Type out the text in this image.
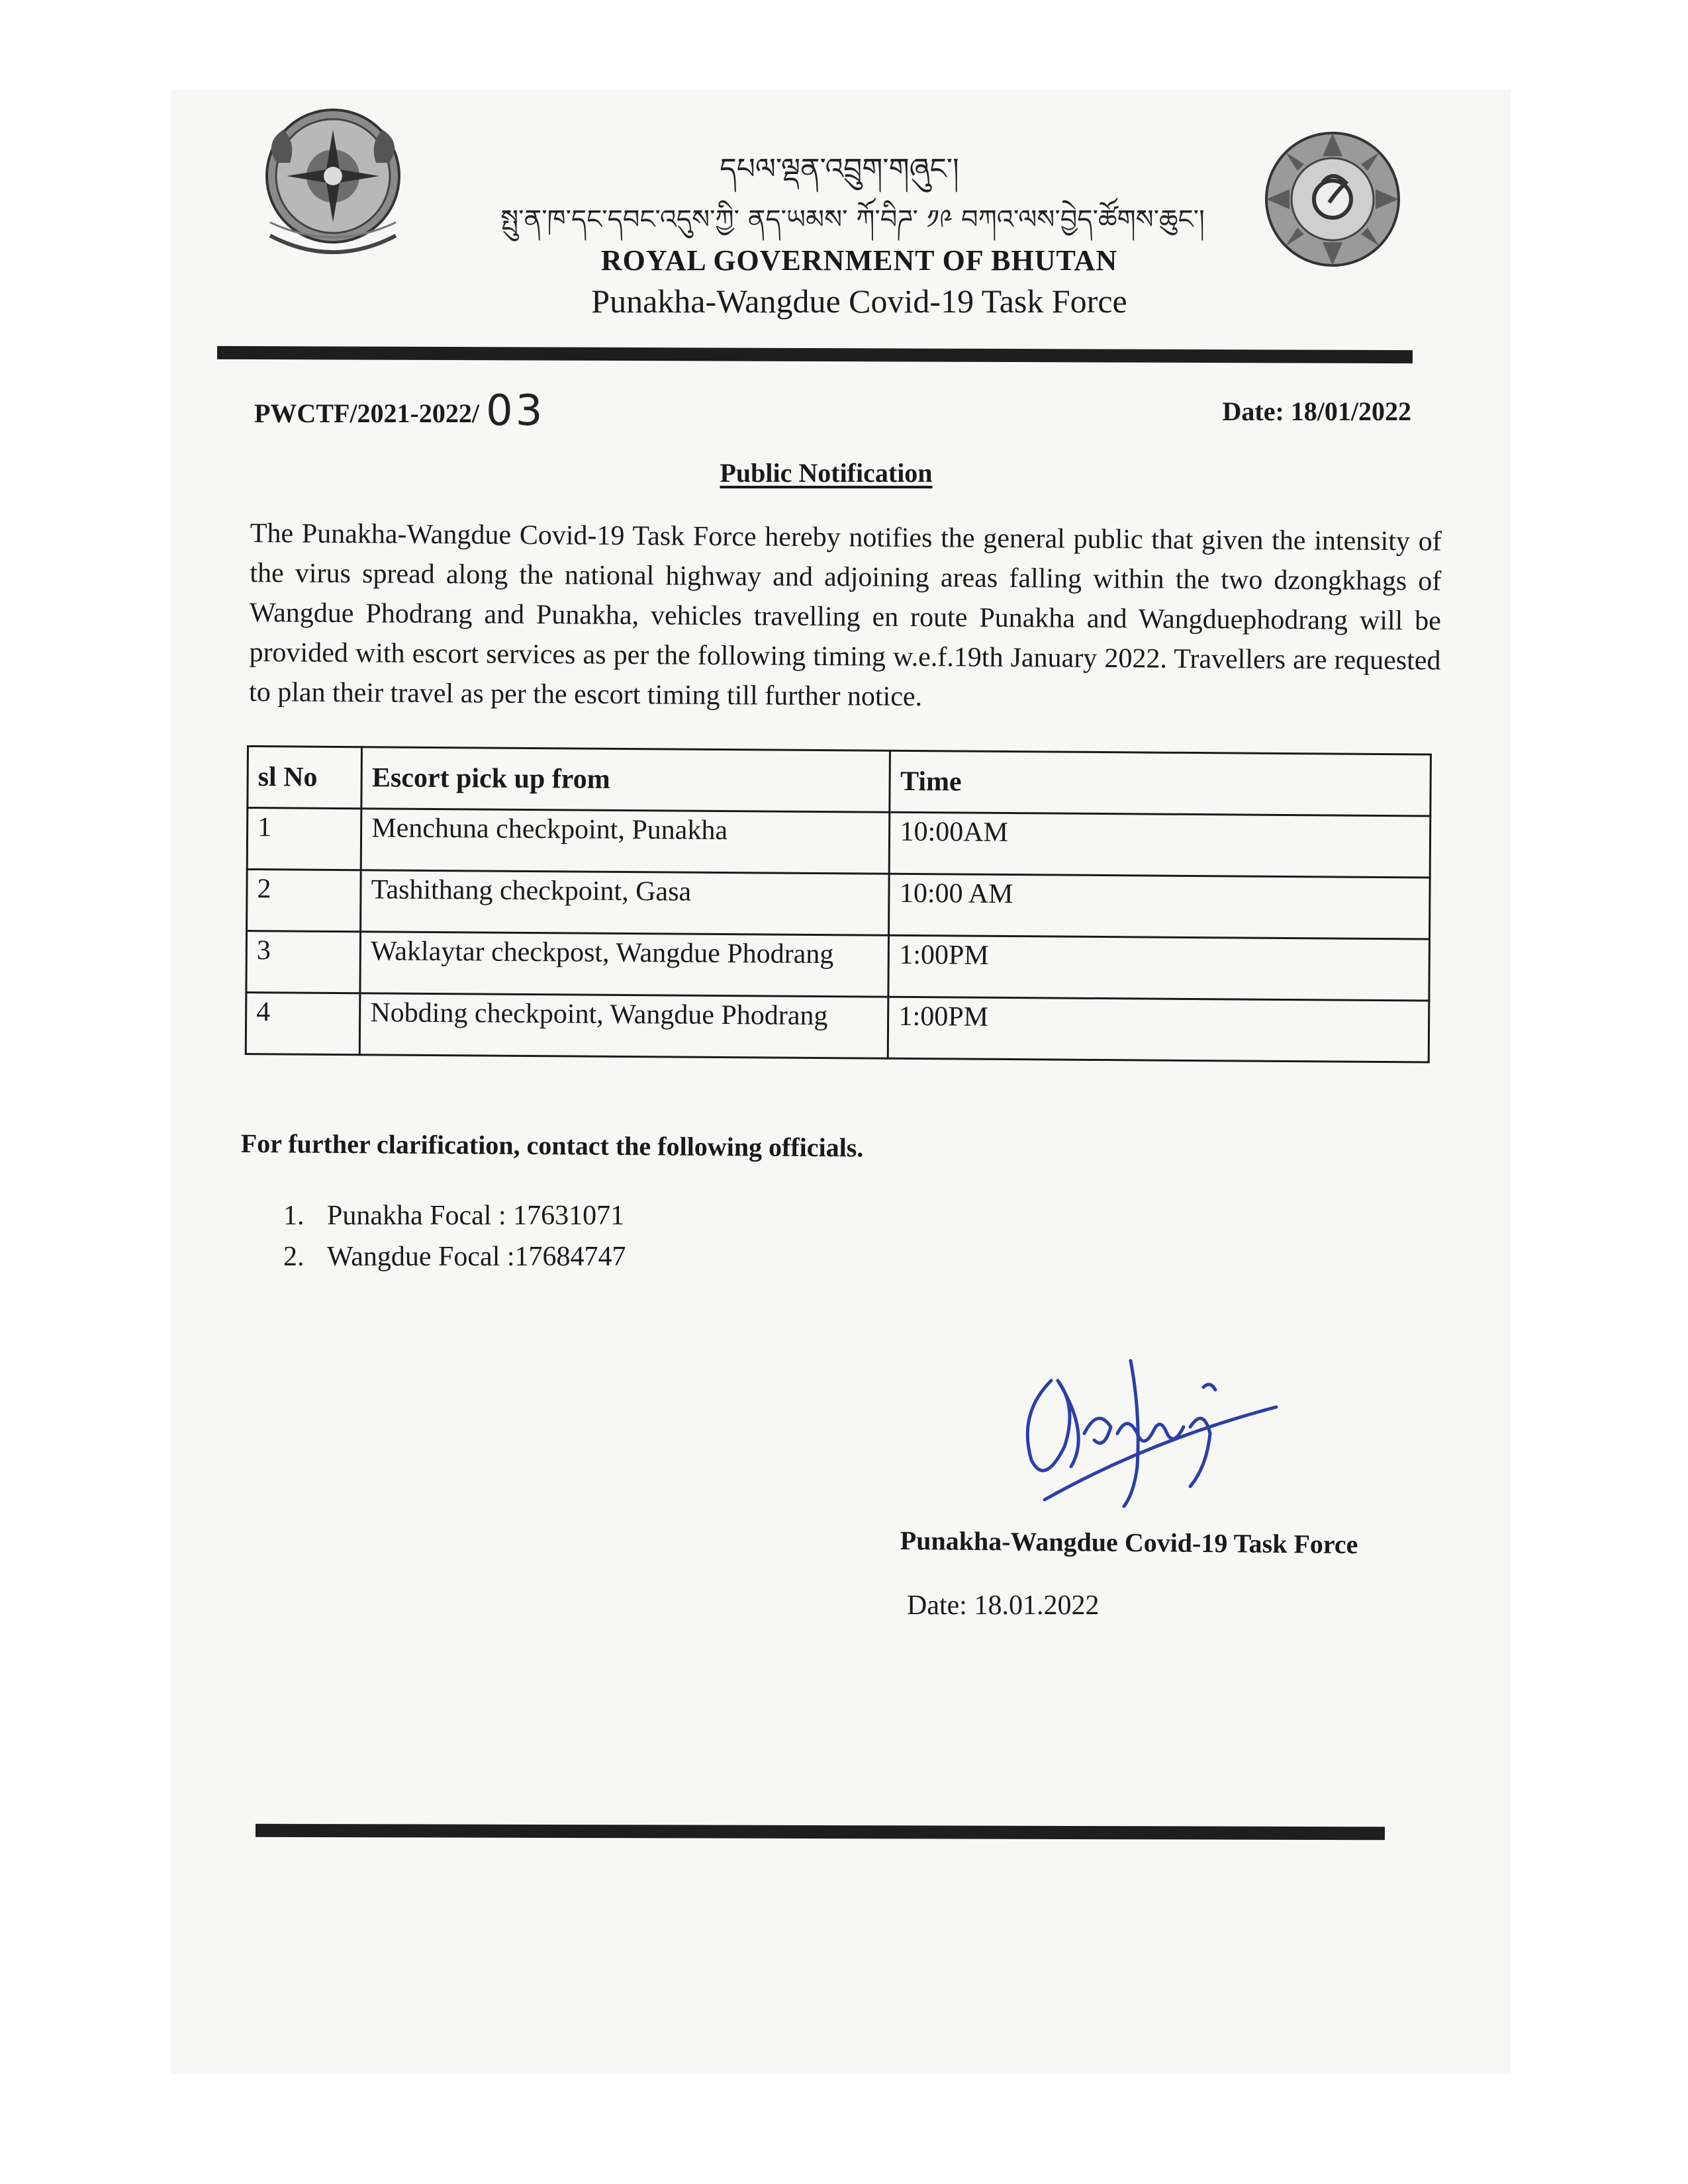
དཔལ་ལྡན་འབྲུག་གཞུང་།
སྤུ་ན་ཁ་དང་དབང་འདུས་ཀྱི་ ནད་ཡམས་ ཀོ་བིཌ་ ༡༩ བཀའ་ལས་བྱེད་ཚོགས་ཆུང་།
ROYAL GOVERNMENT OF BHUTAN
Punakha-Wangdue Covid-19 Task Force
PWCTF/2021-2022/ 03	Date: 18/01/2022
Public Notification
The Punakha-Wangdue Covid-19 Task Force hereby notifies the general public that given the intensity of the virus spread along the national highway and adjoining areas falling within the two dzongkhags of Wangdue Phodrang and Punakha, vehicles travelling en route Punakha and Wangduephodrang will be provided with escort services as per the following timing w.e.f.19th January 2022. Travellers are requested to plan their travel as per the escort timing till further notice.
sl No	Escort pick up from	Time
1	Menchuna checkpoint, Punakha	10:00AM
2	Tashithang checkpoint, Gasa	10:00 AM
3	Waklaytar checkpost, Wangdue Phodrang	1:00PM
4	Nobding checkpoint, Wangdue Phodrang	1:00PM
For further clarification, contact the following officials.
1. Punakha Focal : 17631071
2. Wangdue Focal :17684747
Punakha-Wangdue Covid-19 Task Force
Date: 18.01.2022
